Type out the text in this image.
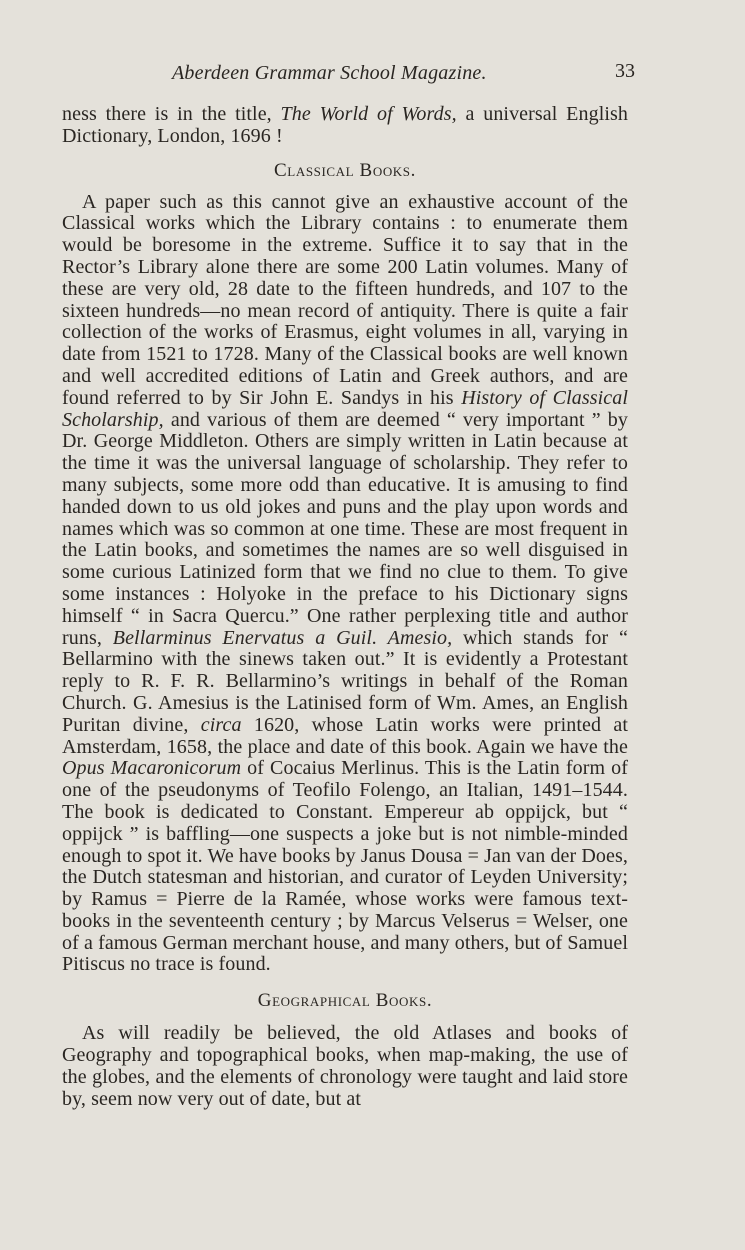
Aberdeen Grammar School Magazine.	33

ness there is in the title, The World of Words, a universal English Dictionary, London, 1696 !

Classical Books.

A paper such as this cannot give an exhaustive account of the Classical works which the Library contains : to enumerate them would be boresome in the extreme. Suffice it to say that in the Rector’s Library alone there are some 200 Latin volumes. Many of these are very old, 28 date to the fifteen hundreds, and 107 to the sixteen hundreds—no mean record of antiquity. There is quite a fair collection of the works of Erasmus, eight volumes in all, varying in date from 1521 to 1728. Many of the Classical books are well known and well accredited editions of Latin and Greek authors, and are found referred to by Sir John E. Sandys in his History of Classical Scholarship, and various of them are deemed “ very important ” by Dr. George Middleton. Others are simply written in Latin because at the time it was the universal language of scholarship. They refer to many subjects, some more odd than educative. It is amusing to find handed down to us old jokes and puns and the play upon words and names which was so common at one time. These are most frequent in the Latin books, and sometimes the names are so well disguised in some curious Latinized form that we find no clue to them. To give some instances : Holyoke in the preface to his Dictionary signs himself “ in Sacra Quercu.” One rather perplexing title and author runs, Bellarminus Enervatus a Guil. Amesio, which stands for “ Bellarmino with the sinews taken out.” It is evidently a Protestant reply to R. F. R. Bellarmino’s writings in behalf of the Roman Church. G. Amesius is the Latinised form of Wm. Ames, an English Puritan divine, circa 1620, whose Latin works were printed at Amsterdam, 1658, the place and date of this book. Again we have the Opus Macaronicorum of Cocaius Merlinus. This is the Latin form of one of the pseudonyms of Teofilo Folengo, an Italian, 1491–1544. The book is dedicated to Constant. Empereur ab oppijck, but “ oppijck ” is baffling—one suspects a joke but is not nimble-minded enough to spot it. We have books by Janus Dousa = Jan van der Does, the Dutch statesman and historian, and curator of Leyden University; by Ramus = Pierre de la Ramée, whose works were famous text-books in the seventeenth century ; by Marcus Velserus = Welser, one of a famous German merchant house, and many others, but of Samuel Pitiscus no trace is found.

Geographical Books.

As will readily be believed, the old Atlases and books of Geography and topographical books, when map-making, the use of the globes, and the elements of chronology were taught and laid store by, seem now very out of date, but at
